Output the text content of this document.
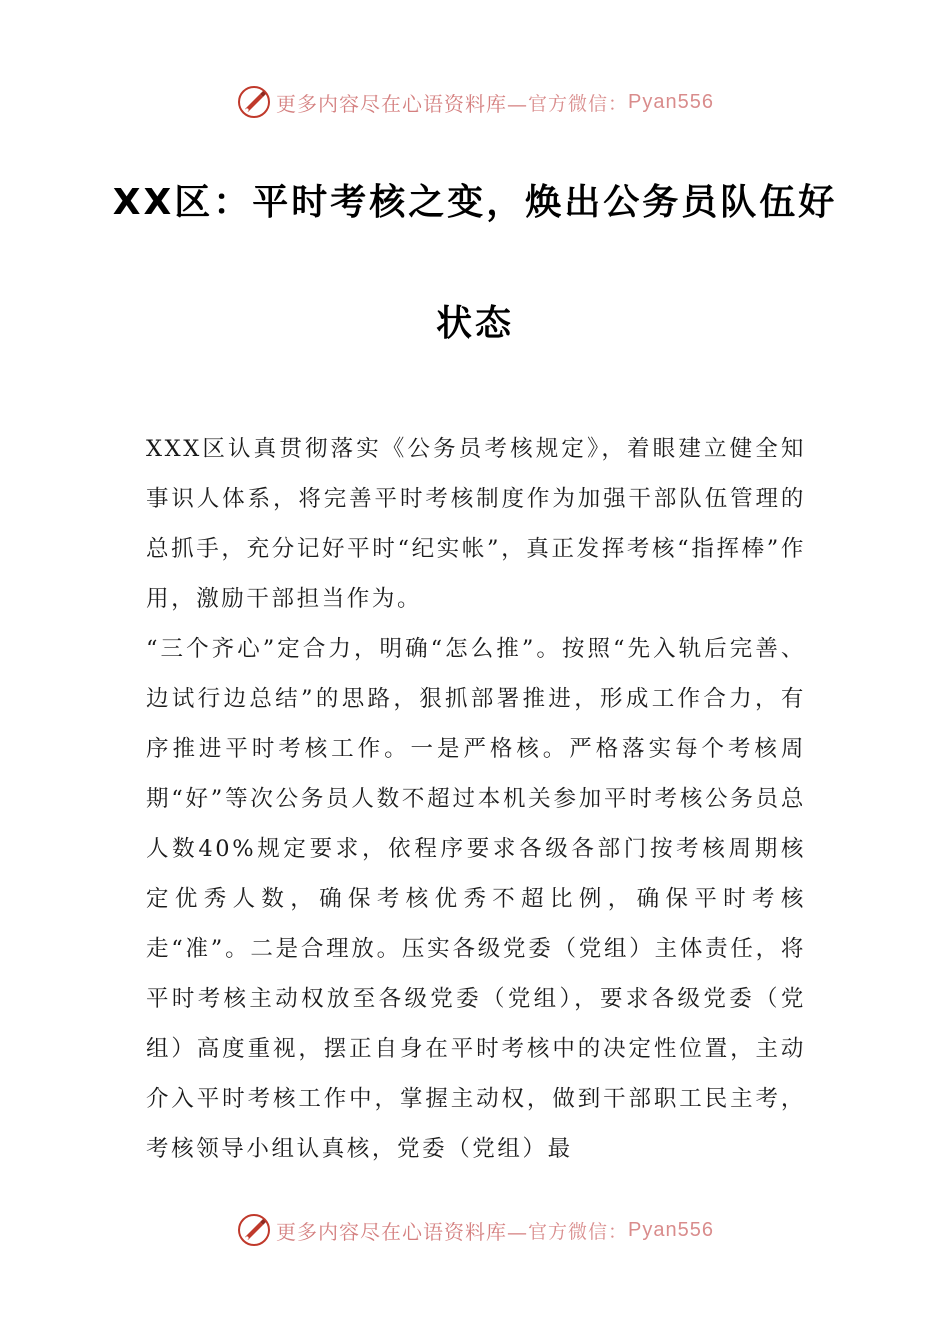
更多内容尽在心语资料库— 官方微信： Pyan556
XX区：平时考核之变，焕出公务员队伍好
状态

XXX区认真贯彻落实《公务员考核规定》，着眼建立健全知事识人体系，将完善平时考核制度作为加强干部队伍管理的总抓手，充分记好平时“纪实帐”，真正发挥考核“指挥棒”作用，激励干部担当作为。

“三个齐心”定合力，明确“怎么推”。按照“先入轨后完善、边试行边总结”的思路，狠抓部署推进，形成工作合力，有序推进平时考核工作。一是严格核。严格落实每个考核周期“好”等次公务员人数不超过本机关参加平时考核公务员总人数40%规定要求，依程序要求各级各部门按考核周期核定优秀人数，确保考核优秀不超比例，确保平时考核走“准”。二是合理放。压实各级党委（党组）主体责任，将平时考核主动权放至各级党委（党组），要求各级党委（党组）高度重视，摆正自身在平时考核中的决定性位置，主动介入平时考核工作中，掌握主动权，做到干部职工民主考，考核领导小组认真核，党委（党组）最

更多内容尽在心语资料库— 官方微信： Pyan556
